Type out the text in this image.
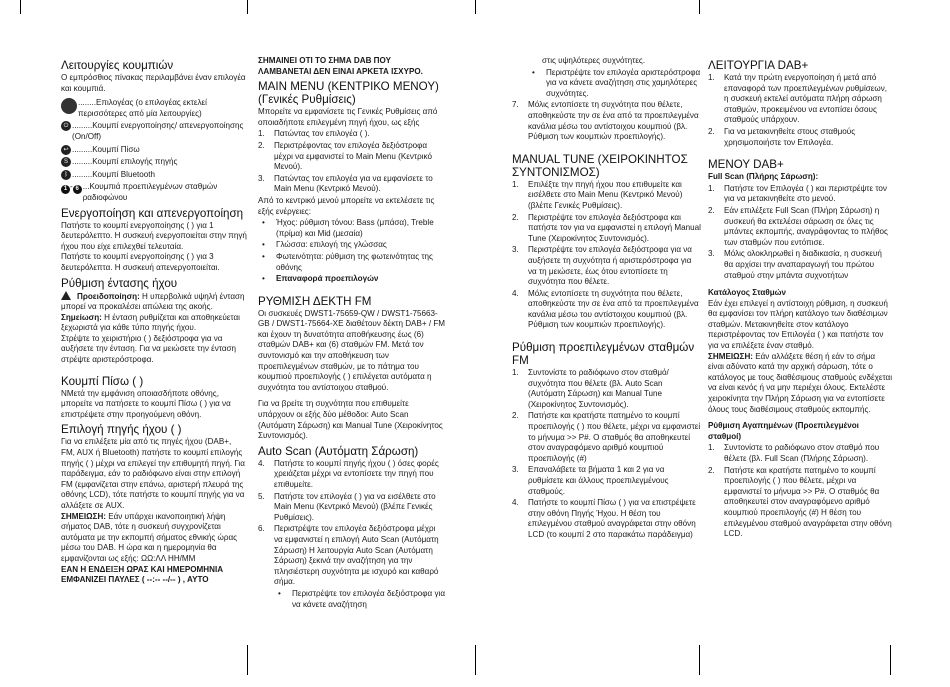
Λειτουργίες κουμπιών

Ο εμπρόσθιος πίνακας περιλαμβάνει έναν επιλογέα και κουμπιά.

........Επιλογέας (ο επιλογέας εκτελεί περισσότερες από μία λειτουργίες)
⏻ .........Κουμπί ενεργοποίησης/ απενεργοποίησης (On/Off)
↩ .........Κουμπί Πίσω
S .........Κουμπί επιλογής πηγής
ᛒ .........Κουμπί Bluetooth
1 - 6 ...Κουμπιά προεπιλεγμένων σταθμών ραδιοφώνου
Ενεργοποίηση και απενεργοποίηση

Πατήστε το κουμπί ενεργοποίησης ( ) για 1 δευτερόλεπτο. Η συσκευή ενεργοποιείται στην πηγή ήχου που είχε επιλεχθεί τελευταία.

Πατήστε το κουμπί ενεργοποίησης ( ) για 3 δευτερόλεπτα. Η συσκευή απενεργοποιείται.

Ρύθμιση έντασης ήχου

Προειδοποίηση: Η υπερβολικά υψηλή ένταση μπορεί να προκαλέσει απώλεια της ακοής.

Σημείωση: Η ένταση ρυθμίζεται και αποθηκεύεται ξεχωριστά για κάθε τύπο πηγής ήχου.

Στρέψτε το χειριστήριο ( ) δεξιόστροφα για να αυξήσετε την ένταση. Για να μειώσετε την ένταση στρέψτε αριστερόστροφα.

Κουμπί Πίσω ( )

ΝΜετά την εμφάνιση οποιασδήποτε οθόνης, μπορείτε να πατήσετε το κουμπί Πίσω ( ) για να επιστρέψετε στην προηγούμενη οθόνη.

Επιλογή πηγής ήχου ( )

Για να επιλέξετε μία από τις πηγές ήχου (DAB+, FM, AUX ή Bluetooth) πατήστε το κουμπί επιλογής πηγής ( ) μέχρι να επιλεγεί την επιθυμητή πηγή. Για παράδειγμα, εάν το ραδιόφωνο είναι στην επιλογή FM (εμφανίζεται στην επάνω, αριστερή πλευρά της οθόνης LCD), τότε πατήστε το κουμπί πηγής για να αλλάξετε σε AUX.

ΣΗΜΕΙΩΣΗ: Εάν υπάρχει ικανοποιητική λήψη σήματος DAB, τότε η συσκευή συγχρονίζεται αυτόματα με την εκπομπή σήματος εθνικής ώρας μέσω του DAB. Η ώρα και η ημερομηνία θα εμφανίζονται ως εξής: ΩΩ:ΛΛ ΗΗ/ΜΜ

ΕΑΝ Η ΕΝΔΕΙΞΗ ΩΡΑΣ ΚΑΙ ΗΜΕΡΟΜΗΝΙΑ ΕΜΦΑΝΙΖΕΙ ΠΑΥΛΕΣ ( --:-- --/-- ) , ΑΥΤΟ

ΣΗΜΑΙΝΕΙ ΟΤΙ ΤΟ ΣΗΜΑ DAB ΠΟΥ ΛΑΜΒΑΝΕΤΑΙ ΔΕΝ ΕΙΝΑΙ ΑΡΚΕΤΑ ΙΣΧΥΡΟ.

MAIN MENU (ΚΕΝΤΡΙΚΟ ΜΕΝΟΥ) (Γενικές Ρυθμίσεις)

Μπορείτε να εμφανίσετε τις Γενικές Ρυθμίσεις από οποιαδήποτε επιλεγμένη πηγή ήχου, ως εξής

1.	Πατώντας τον επιλογέα ( ).
2.	Περιστρέφοντας τον επιλογέα δεξιόστροφα μέχρι να εμφανιστεί το Main Menu (Κεντρικό Μενού).
3.	Πατώντας τον επιλογέα για να εμφανίσετε το Main Menu (Κεντρικό Μενού).

Από το κεντρικό μενού μπορείτε να εκτελέσετε τις εξής ενέργειες:

•	Ήχος: ρύθμιση τόνου: Bass (μπάσα), Treble (πρίμα) και Mid (μεσαία)
•	Γλώσσα: επιλογή της γλώσσας
•	Φωτεινότητα: ρύθμιση της φωτεινότητας της οθόνης
•	Επαναφορά προεπιλογών
ΡΥΘΜΙΣΗ ΔΕΚΤΗ FM

Οι συσκευές DWST1-75659-QW / DWST1-75663-GB / DWST1-75664-XE διαθέτουν δέκτη DAB+ / FM και έχουν τη δυνατότητα αποθήκευσης έως (6) σταθμών DAB+ και (6) σταθμών FM. Μετά τον συντονισμό και την αποθήκευση των προεπιλεγμένων σταθμών, με το πάτημα του κουμπιού προεπιλογής ( ) επιλέγεται αυτόματα η συχνότητα του αντίστοιχου σταθμού.

Για να βρείτε τη συχνότητα που επιθυμείτε υπάρχουν οι εξής δύο μέθοδοι: Auto Scan (Αυτόματη Σάρωση) και Manual Tune (Χειροκίνητος Συντονισμός).

Auto Scan (Αυτόματη Σάρωση)
4.	Πατήστε το κουμπί πηγής ήχου ( ) όσες φορές χρειάζεται μέχρι να εντοπίσετε την πηγή που επιθυμείτε.
5.	Πατήστε τον επιλογέα ( ) για να εισέλθετε στο Main Menu (Κεντρικό Μενού) (βλέπε Γενικές Ρυθμίσεις).
6.	Περιστρέψτε τον επιλογέα δεξιόστροφα μέχρι να εμφανιστεί η επιλογή Auto Scan (Αυτόματη Σάρωση) Η λειτουργία Auto Scan (Αυτόματη Σάρωση) ξεκινά την αναζήτηση για την πλησιέστερη συχνότητα με ισχυρό και καθαρό σήμα.
•	Περιστρέψτε τον επιλογέα δεξιόστροφα για να κάνετε αναζήτηση

στις υψηλότερες συχνότητες.

•	Περιστρέψτε τον επιλογέα αριστερόστροφα για να κάνετε αναζήτηση στις χαμηλότερες συχνότητες.
7.	Μόλις εντοπίσετε τη συχνότητα που θέλετε, αποθηκεύστε την σε ένα από τα προεπιλεγμένα κανάλια μέσω του αντίστοιχου κουμπιού (βλ. Ρύθμιση των κουμπιών προεπιλογής).
MANUAL TUNE (ΧΕΙΡΟΚΙΝΗΤΟΣ ΣΥΝΤΟΝΙΣΜΟΣ)
1.	Επιλέξτε την πηγή ήχου που επιθυμείτε και εισέλθετε στο Main Menu (Κεντρικό Μενού) (βλέπε Γενικές Ρυθμίσεις).
2.	Περιστρέψτε τον επιλογέα δεξιόστροφα και πατήστε τον για να εμφανιστεί η επιλογή Manual Tune (Χειροκίνητος Συντονισμός).
3.	Περιστρέψτε τον επιλογέα δεξιόστροφα για να αυξήσετε τη συχνότητα ή αριστερόστροφα για να τη μειώσετε, έως ότου εντοπίσετε τη συχνότητα που θέλετε.
4.	Μόλις εντοπίσετε τη συχνότητα που θέλετε, αποθηκεύστε την σε ένα από τα προεπιλεγμένα κανάλια μέσω του αντίστοιχου κουμπιού (βλ. Ρύθμιση των κουμπιών προεπιλογής).
Ρύθμιση προεπιλεγμένων σταθμών FM
1.	Συντονίστε το ραδιόφωνο στον σταθμό/ συχνότητα που θέλετε (βλ. Auto Scan (Αυτόματη Σάρωση) και Manual Tune (Χειροκίνητος Συντονισμός).
2.	Πατήστε και κρατήστε πατημένο το κουμπί προεπιλογής ( ) που θέλετε, μέχρι να εμφανιστεί το μήνυμα >> P#. Ο σταθμός θα αποθηκευτεί στον αναγραφόμενο αριθμό κουμπιού προεπιλογής (#)
3.	Επαναλάβετε τα βήματα 1 και 2 για να ρυθμίσετε και άλλους προεπιλεγμένους σταθμούς.
4.	Πατήστε το κουμπί Πίσω ( ) για να επιστρέψετε στην οθόνη Πηγής Ήχου. Η θέση του επιλεγμένου σταθμού αναγράφεται στην οθόνη LCD (το κουμπί 2 στο παρακάτω παράδειγμα)
ΛΕΙΤΟΥΡΓΙΑ DAB+
1.	Κατά την πρώτη ενεργοποίηση ή μετά από επαναφορά των προεπιλεγμένων ρυθμίσεων, η συσκευή εκτελεί αυτόματα πλήρη σάρωση σταθμών, προκειμένου να εντοπίσει όσους σταθμούς υπάρχουν.
2.	Για να μετακινηθείτε στους σταθμούς χρησιμοποιήστε τον Επιλογέα.
ΜΕΝΟΥ DAB+

Full Scan (Πλήρης Σάρωση):

1.	Πατήστε τον Επιλογέα ( ) και περιστρέψτε τον για να μετακινηθείτε στο μενού.
2.	Εάν επιλέξετε Full Scan (Πλήρη Σάρωση) η συσκευή θα εκτελέσει σάρωση σε όλες τις μπάντες εκπομπής, αναγράφοντας το πλήθος των σταθμών που εντόπισε.
3.	Μόλις ολοκληρωθεί η διαδικασία, η συσκευή θα αρχίσει την αναπαραγωγή του πρώτου σταθμού στην μπάντα συχνοτήτων

Κατάλογος Σταθμών

Εάν έχει επιλεγεί η αντίστοιχη ρύθμιση, η συσκευή θα εμφανίσει τον πλήρη κατάλογο των διαθέσιμων σταθμών. Μετακινηθείτε στον κατάλογο περιστρέφοντας τον Επιλογέα ( ) και πατήστε τον για να επιλέξετε έναν σταθμό.

ΣΗΜΕΙΩΣΗ: Εάν αλλάξετε θέση ή εάν το σήμα είναι αδύνατο κατά την αρχική σάρωση, τότε ο κατάλογος με τους διαθέσιμους σταθμούς ενδέχεται να είναι κενός ή να μην περιέχει όλους. Εκτελέστε χειροκίνητα την Πλήρη Σάρωση για να εντοπίσετε όλους τους διαθέσιμους σταθμούς εκπομπής.

Ρύθμιση Αγαπημένων (Προεπιλεγμένοι σταθμοί)

1.	Συντονίστε το ραδιόφωνο στον σταθμό που θέλετε (βλ. Full Scan (Πλήρης Σάρωση).
2.	Πατήστε και κρατήστε πατημένο το κουμπί προεπιλογής ( ) που θέλετε, μέχρι να εμφανιστεί το μήνυμα >> P#. Ο σταθμός θα αποθηκευτεί στον αναγραφόμενο αριθμό κουμπιού προεπιλογής (#) Η θέση του επιλεγμένου σταθμού αναγράφεται στην οθόνη LCD.
